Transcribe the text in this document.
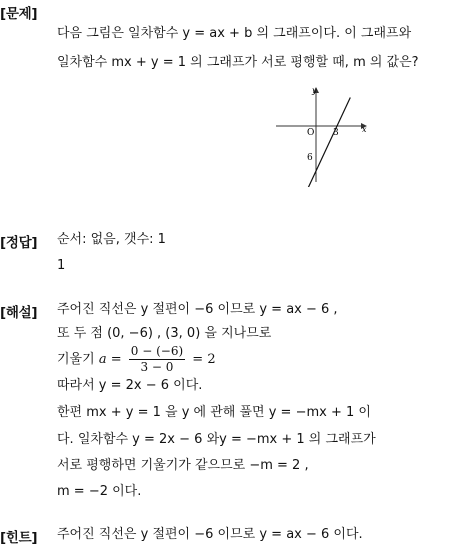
[문제]
다음 그림은 일차함수 y = ax + b 의 그래프이다. 이 그래프와
일차함수 mx + y = 1 의 그래프가 서로 평행할 때, m 의 값은?
y
x
O 3
6
[정답] 순서: 없음, 갯수: 1
1
[해설] 주어진 직선은 y 절편이 −6 이므로 y = ax − 6 ,
또 두 점 (0, −6) , (3, 0) 을 지나므로
기울기 $a = \frac{0 - (-6)}{3 - 0} = 2$
따라서 y = 2x − 6 이다.
한편 mx + y = 1 을 y 에 관해 풀면 y = −mx + 1 이
다. 일차함수 y = 2x − 6 와y = −mx + 1 의 그래프가
서로 평행하면 기울기가 같으므로 −m = 2 ,
m = −2 이다.
[힌트] 주어진 직선은 y 절편이 −6 이므로 y = ax − 6 이다.
